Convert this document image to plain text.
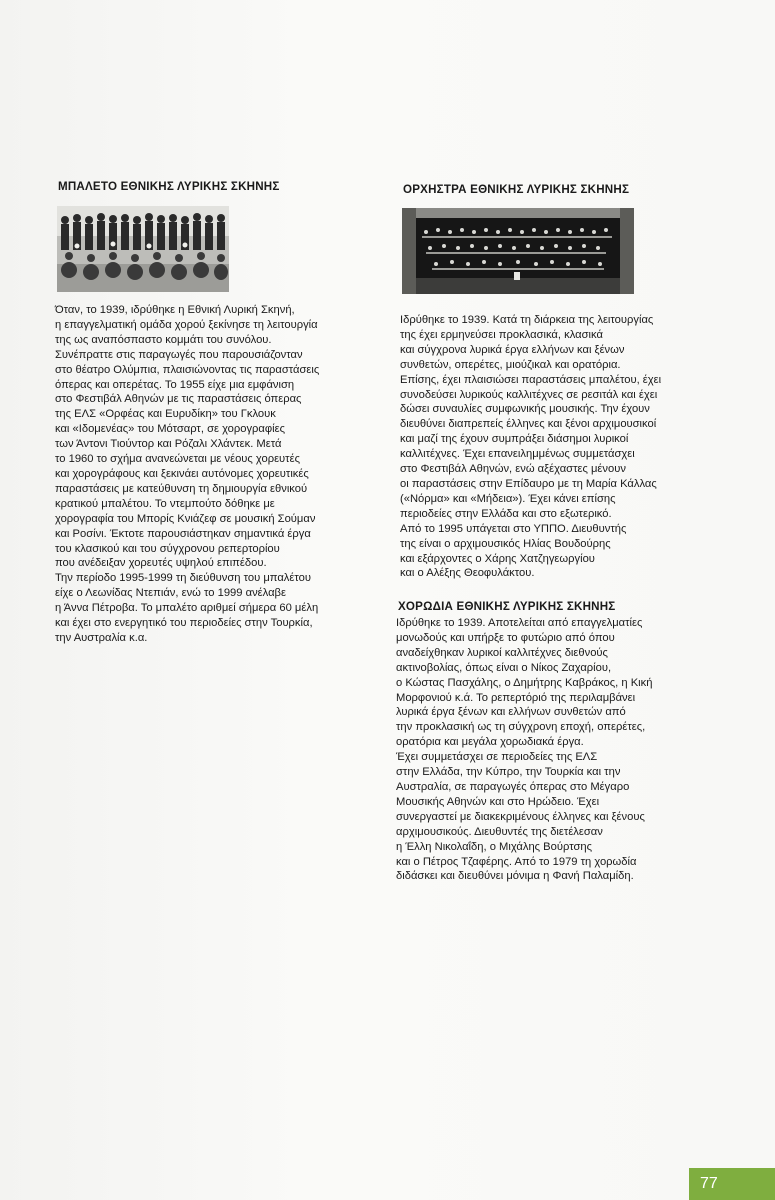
ΜΠΑΛΕΤΟ ΕΘΝΙΚΗΣ ΛΥΡΙΚΗΣ ΣΚΗΝΗΣ
Όταν, το 1939, ιδρύθηκε η Εθνική Λυρική Σκηνή,
η επαγγελματική ομάδα χορού ξεκίνησε τη λειτουργία
της ως αναπόσπαστο κομμάτι του συνόλου.
Συνέπραττε στις παραγωγές που παρουσιάζονταν
στο θέατρο Ολύμπια, πλαισιώνοντας τις παραστάσεις
όπερας και οπερέτας. Το 1955 είχε μια εμφάνιση
στο Φεστιβάλ Αθηνών με τις παραστάσεις όπερας
της ΕΛΣ «Ορφέας και Ευρυδίκη» του Γκλουκ
και «Ιδομενέας» του Μότσαρτ, σε χορογραφίες
των Άντονι Τιούντορ και Ρόζαλι Χλάντεκ. Μετά
το 1960 το σχήμα ανανεώνεται με νέους χορευτές
και χορογράφους και ξεκινάει αυτόνομες χορευτικές
παραστάσεις με κατεύθυνση τη δημιουργία εθνικού
κρατικού μπαλέτου. Το ντεμπούτο δόθηκε με
χορογραφία του Μπορίς Κνιάζεφ σε μουσική Σούμαν
και Ροσίνι. Έκτοτε παρουσιάστηκαν σημαντικά έργα
του κλασικού και του σύγχρονου ρεπερτορίου
που ανέδειξαν χορευτές υψηλού επιπέδου.
Την περίοδο 1995-1999 τη διεύθυνση του μπαλέτου
είχε ο Λεωνίδας Ντεπιάν, ενώ το 1999 ανέλαβε
η Άννα Πέτροβα. Το μπαλέτο αριθμεί σήμερα 60 μέλη
και έχει στο ενεργητικό του περιοδείες στην Τουρκία,
την Αυστραλία κ.α.
ΟΡΧΗΣΤΡΑ ΕΘΝΙΚΗΣ ΛΥΡΙΚΗΣ ΣΚΗΝΗΣ
Ιδρύθηκε το 1939. Κατά τη διάρκεια της λειτουργίας
της έχει ερμηνεύσει προκλασικά, κλασικά
και σύγχρονα λυρικά έργα ελλήνων και ξένων
συνθετών, οπερέτες, μιούζικαλ και ορατόρια.
Επίσης, έχει πλαισιώσει παραστάσεις μπαλέτου, έχει
συνοδεύσει λυρικούς καλλιτέχνες σε ρεσιτάλ και έχει
δώσει συναυλίες συμφωνικής μουσικής. Την έχουν
διευθύνει διαπρεπείς έλληνες και ξένοι αρχιμουσικοί
και μαζί της έχουν συμπράξει διάσημοι λυρικοί
καλλιτέχνες. Έχει επανειλημμένως συμμετάσχει
στο Φεστιβάλ Αθηνών, ενώ αξέχαστες μένουν
οι παραστάσεις στην Επίδαυρο με τη Μαρία Κάλλας
(«Νόρμα» και «Μήδεια»). Έχει κάνει επίσης
περιοδείες στην Ελλάδα και στο εξωτερικό.
Από το 1995 υπάγεται στο ΥΠΠΟ. Διευθυντής
της είναι ο αρχιμουσικός Ηλίας Βουδούρης
και εξάρχοντες ο Χάρης Χατζηγεωργίου
και ο Αλέξης Θεοφυλάκτου.
ΧΟΡΩΔΙΑ ΕΘΝΙΚΗΣ ΛΥΡΙΚΗΣ ΣΚΗΝΗΣ
Ιδρύθηκε το 1939. Αποτελείται από επαγγελματίες
μονωδούς και υπήρξε το φυτώριο από όπου
αναδείχθηκαν λυρικοί καλλιτέχνες διεθνούς
ακτινοβολίας, όπως είναι ο Νίκος Ζαχαρίου,
ο Κώστας Πασχάλης, ο Δημήτρης Καβράκος, η Κική
Μορφονιού κ.ά. Το ρεπερτόριό της περιλαμβάνει
λυρικά έργα ξένων και ελλήνων συνθετών από
την προκλασική ως τη σύγχρονη εποχή, οπερέτες,
ορατόρια και μεγάλα χορωδιακά έργα.
Έχει συμμετάσχει σε περιοδείες της ΕΛΣ
στην Ελλάδα, την Κύπρο, την Τουρκία και την
Αυστραλία, σε παραγωγές όπερας στο Μέγαρο
Μουσικής Αθηνών και στο Ηρώδειο. Έχει
συνεργαστεί με διακεκριμένους έλληνες και ξένους
αρχιμουσικούς. Διευθυντές της διετέλεσαν
η Έλλη Νικολαΐδη, ο Μιχάλης Βούρτσης
και ο Πέτρος Τζαφέρης. Από το 1979 τη χορωδία
διδάσκει και διευθύνει μόνιμα η Φανή Παλαμίδη.
77
